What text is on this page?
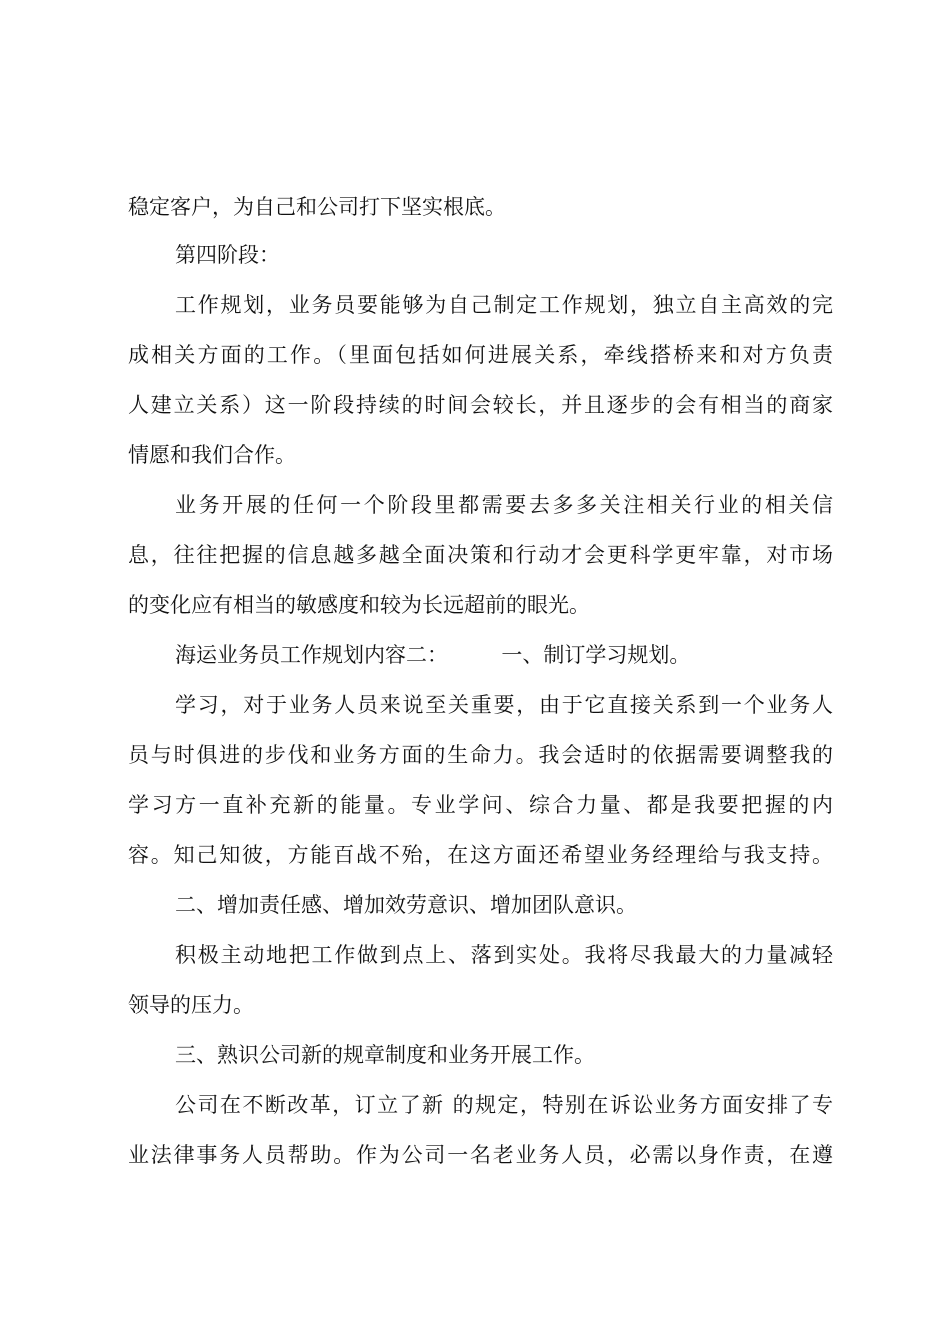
稳定客户，为自己和公司打下坚实根底。
第四阶段：
工作规划，业务员要能够为自己制定工作规划，独立自主高效的完
成相关方面的工作。（里面包括如何进展关系，牵线搭桥来和对方负责
人建立关系）这一阶段持续的时间会较长，并且逐步的会有相当的商家
情愿和我们合作。
业务开展的任何一个阶段里都需要去多多关注相关行业的相关信
息，往往把握的信息越多越全面决策和行动才会更科学更牢靠，对市场
的变化应有相当的敏感度和较为长远超前的眼光。
海运业务员工作规划内容二：        一、制订学习规划。
学习，对于业务人员来说至关重要，由于它直接关系到一个业务人
员与时俱进的步伐和业务方面的生命力。我会适时的依据需要调整我的
学习方一直补充新的能量。专业学问、综合力量、都是我要把握的内
容。知己知彼，方能百战不殆，在这方面还希望业务经理给与我支持。
二、增加责任感、增加效劳意识、增加团队意识。
积极主动地把工作做到点上、落到实处。我将尽我最大的力量减轻
领导的压力。
三、熟识公司新的规章制度和业务开展工作。
公司在不断改革，订立了新 的规定，特别在诉讼业务方面安排了专
业法律事务人员帮助。作为公司一名老业务人员，必需以身作责，在遵
